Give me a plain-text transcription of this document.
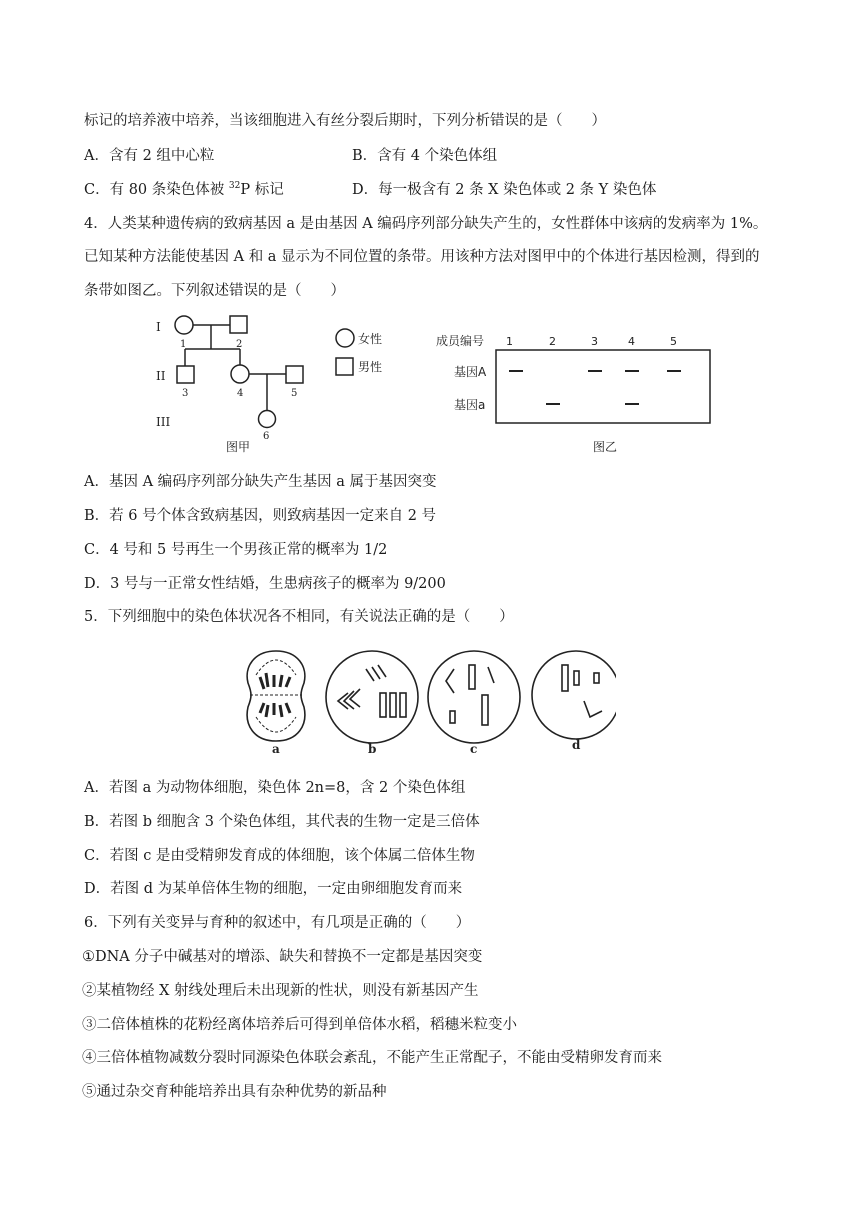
标记的培养液中培养，当该细胞进入有丝分裂后期时，下列分析错误的是（　　）
A．含有 2 组中心粒	B．含有 4 个染色体组
C．有 80 条染色体被 $^{32}$P 标记	D．每一极含有 2 条 X 染色体或 2 条 Y 染色体
4．人类某种遗传病的致病基因 a 是由基因 A 编码序列部分缺失产生的，女性群体中该病的发病率为 1%。
已知某种方法能使基因 A 和 a 显示为不同位置的条带。用该种方法对图甲中的个体进行基因检测，得到的
条带如图乙。下列叙述错误的是（　　）
I
II
III
1	2
3	4	5
6
女性
男性
图甲
成员编号 1	2	3	4	5
基因A
基因a
图乙
A．基因 A 编码序列部分缺失产生基因 a 属于基因突变
B．若 6 号个体含致病基因，则致病基因一定来自 2 号
C．4 号和 5 号再生一个男孩正常的概率为 1/2
D．3 号与一正常女性结婚，生患病孩子的概率为 9/200
5．下列细胞中的染色体状况各不相同，有关说法正确的是（　　）
a	b	c	d
A．若图 a 为动物体细胞，染色体 2n=8，含 2 个染色体组
B．若图 b 细胞含 3 个染色体组，其代表的生物一定是三倍体
C．若图 c 是由受精卵发育成的体细胞，该个体属二倍体生物
D．若图 d 为某单倍体生物的细胞，一定由卵细胞发育而来
6．下列有关变异与育种的叙述中，有几项是正确的（　　）
①DNA 分子中碱基对的增添、缺失和替换不一定都是基因突变
②某植物经 X 射线处理后未出现新的性状，则没有新基因产生
③二倍体植株的花粉经离体培养后可得到单倍体水稻，稻穗米粒变小
④三倍体植物减数分裂时同源染色体联会紊乱，不能产生正常配子，不能由受精卵发育而来
⑤通过杂交育种能培养出具有杂种优势的新品种
